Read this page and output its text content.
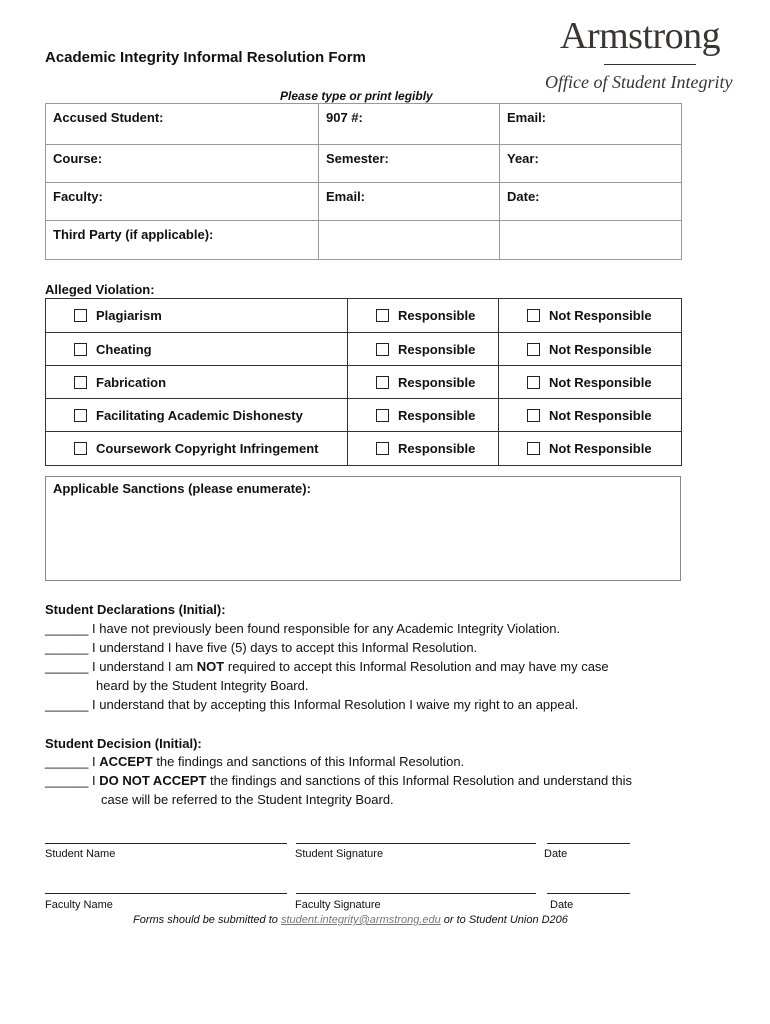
Academic Integrity Informal Resolution Form
Armstrong
Office of Student Integrity
Please type or print legibly
Accused Student:	907 #:	Email:
Course:	Semester:	Year:
Faculty:	Email:	Date:
Third Party (if applicable):
Alleged Violation:
Plagiarism	Responsible	Not Responsible
Cheating	Responsible	Not Responsible
Fabrication	Responsible	Not Responsible
Facilitating Academic Dishonesty	Responsible	Not Responsible
Coursework Copyright Infringement	Responsible	Not Responsible
Applicable Sanctions (please enumerate):
Student Declarations (Initial):
______ I have not previously been found responsible for any Academic Integrity Violation.
______ I understand I have five (5) days to accept this Informal Resolution.
______ I understand I am NOT required to accept this Informal Resolution and may have my case
heard by the Student Integrity Board.
______ I understand that by accepting this Informal Resolution I waive my right to an appeal.
Student Decision (Initial):
______ I ACCEPT the findings and sanctions of this Informal Resolution.
______ I DO NOT ACCEPT the findings and sanctions of this Informal Resolution and understand this
case will be referred to the Student Integrity Board.
Student Name	Student Signature	Date
Faculty Name	Faculty Signature	Date
Forms should be submitted to student.integrity@armstrong.edu or to Student Union D206
